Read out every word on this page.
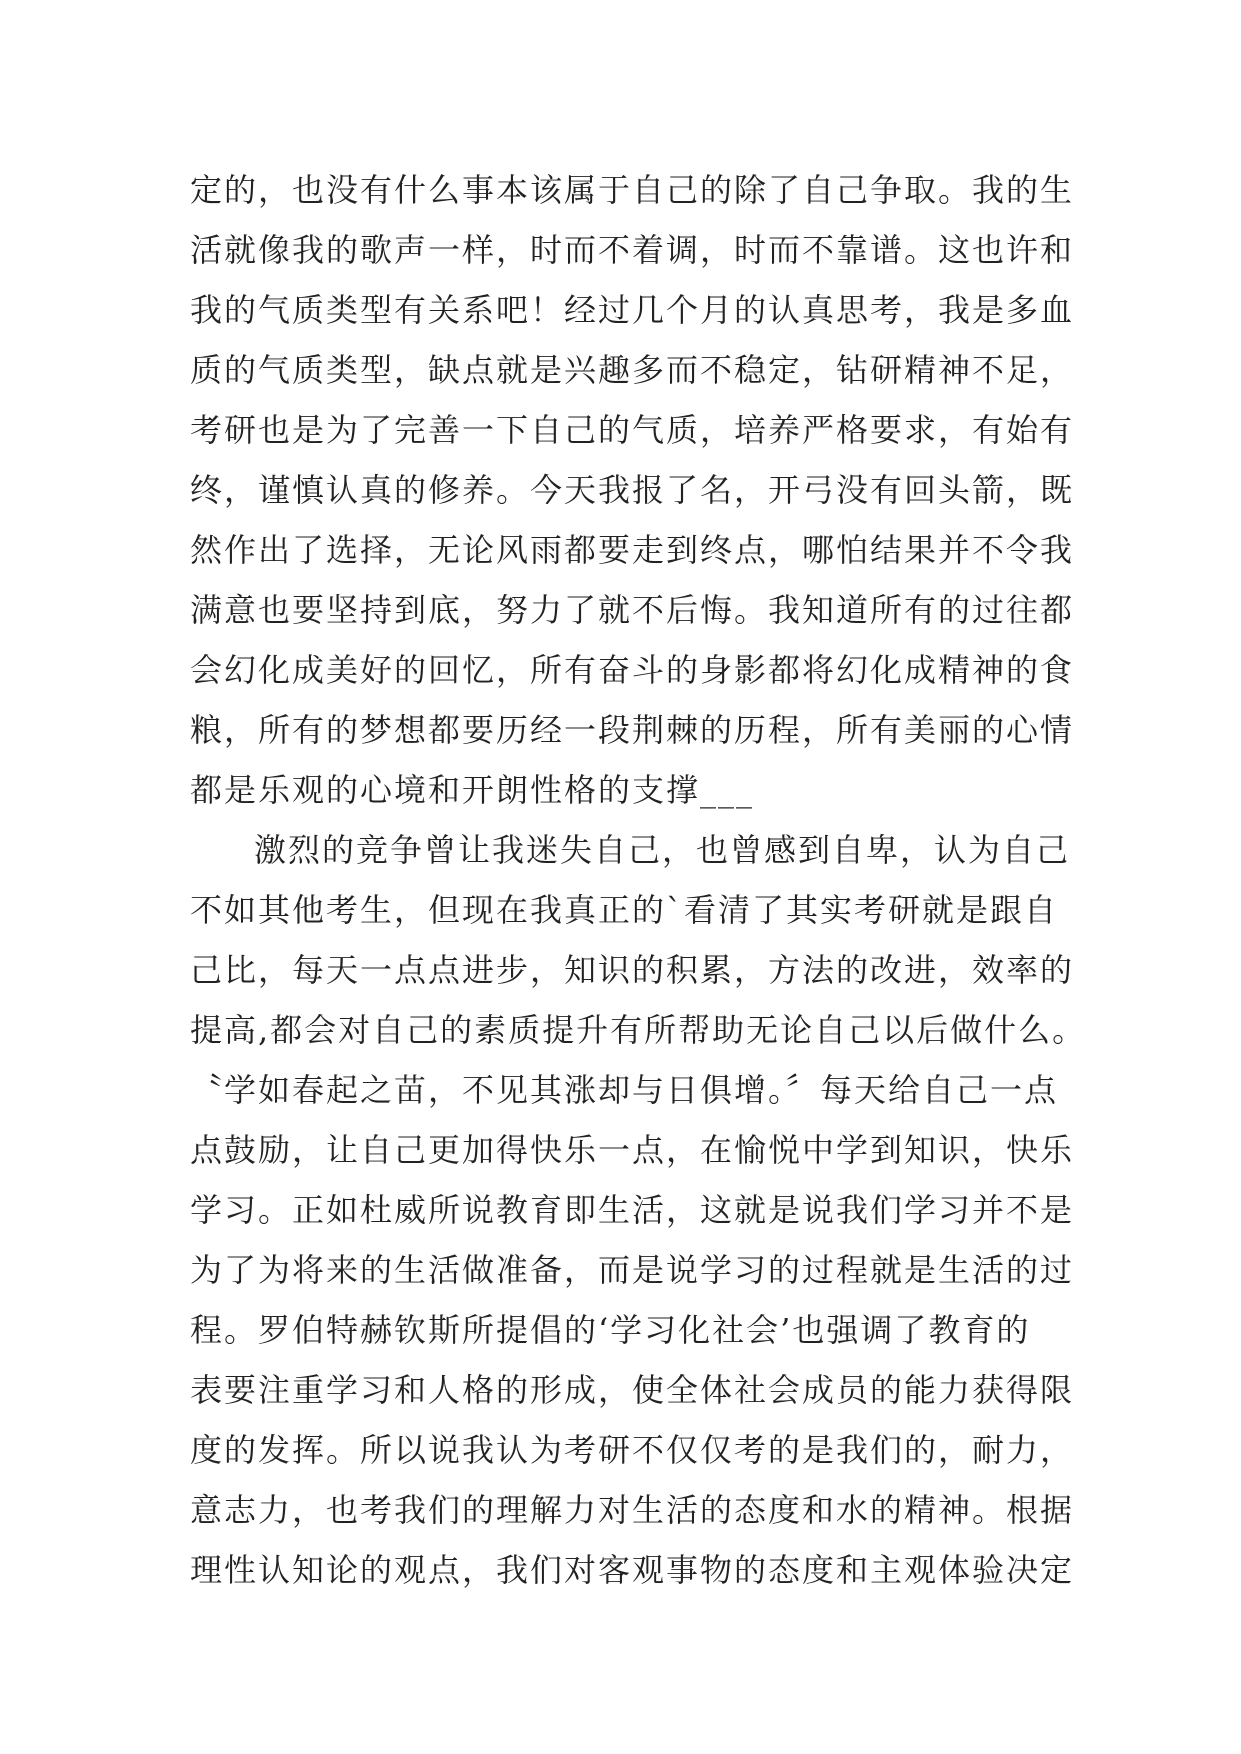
定的，也没有什么事本该属于自己的除了自己争取。我的生
活就像我的歌声一样，时而不着调，时而不靠谱。这也许和
我的气质类型有关系吧！经过几个月的认真思考，我是多血
质的气质类型，缺点就是兴趣多而不稳定，钻研精神不足，
考研也是为了完善一下自己的气质，培养严格要求，有始有
终，谨慎认真的修养。今天我报了名，开弓没有回头箭，既
然作出了选择，无论风雨都要走到终点，哪怕结果并不令我
满意也要坚持到底，努力了就不后悔。我知道所有的过往都
会幻化成美好的回忆，所有奋斗的身影都将幻化成精神的食
粮，所有的梦想都要历经一段荆棘的历程，所有美丽的心情
都是乐观的心境和开朗性格的支撑___
激烈的竞争曾让我迷失自己，也曾感到自卑，认为自己
不如其他考生，但现在我真正的`看清了其实考研就是跟自
己比，每天一点点进步，知识的积累，方法的改进，效率的
提高,都会对自己的素质提升有所帮助无论自己以后做什么。
〝学如春起之苗，不见其涨却与日俱增。〞每天给自己一点
点鼓励，让自己更加得快乐一点，在愉悦中学到知识，快乐
学习。正如杜威所说教育即生活，这就是说我们学习并不是
为了为将来的生活做准备，而是说学习的过程就是生活的过
程。罗伯特赫钦斯所提倡的‘学习化社会’也强调了教育的
表要注重学习和人格的形成，使全体社会成员的能力获得限
度的发挥。所以说我认为考研不仅仅考的是我们的，耐力，
意志力，也考我们的理解力对生活的态度和水的精神。根据
理性认知论的观点，我们对客观事物的态度和主观体验决定
